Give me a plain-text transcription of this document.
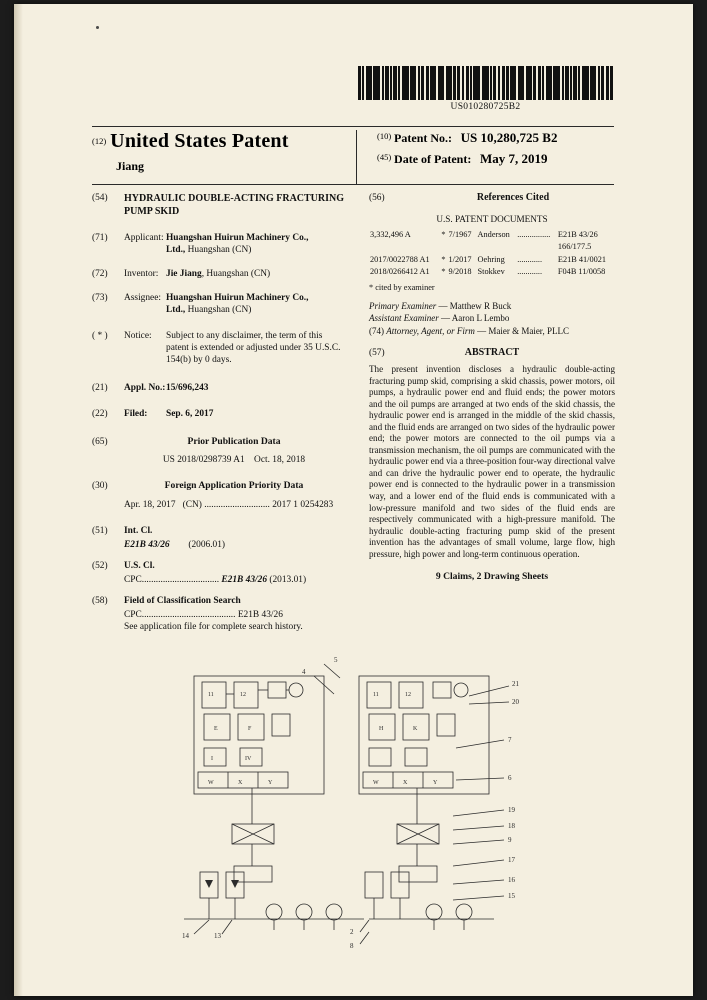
US010280725B2
$^{(12)}$ United States Patent
Jiang
$^{(10)}$ Patent No.: US 10,280,725 B2
$^{(45)}$ Date of Patent: May 7, 2019
(54)	HYDRAULIC DOUBLE-ACTING FRACTURING PUMP SKID
(71)	Applicant: Huangshan Huirun Machinery Co.,
Ltd., Huangshan (CN)
(72)	Inventor: Jie Jiang, Huangshan (CN)
(73)	Assignee: Huangshan Huirun Machinery Co.,
Ltd., Huangshan (CN)
( * )	Notice:	Subject to any disclaimer, the term of this patent is extended or adjusted under 35 U.S.C. 154(b) by 0 days.
(21)	Appl. No.: 15/696,243
(22)	Filed:	Sep. 6, 2017
(65)	Prior Publication Data
US 2018/0298739 A1 Oct. 18, 2018
(30)	Foreign Application Priority Data
Apr. 18, 2017 (CN) ............................ 2017 1 0254283
(51)	Int. Cl.
E21B 43/26 (2006.01)
(52)	U.S. Cl.
CPC................................. E21B 43/26 (2013.01)
(58)	Field of Classification Search
CPC........................................ E21B 43/26
See application file for complete search history.
(56)	References Cited
U.S. PATENT DOCUMENTS
3,332,496 A	*	7/1967	Anderson	................	E21B 43/26
					166/177.5
2017/0022788 A1	*	1/2017	Oehring	............	E21B 41/0021
2018/0266412 A1	*	9/2018	Stokkev	............	F04B 11/0058
* cited by examiner
Primary Examiner — Matthew R Buck
Assistant Examiner — Aaron L Lembo
(74) Attorney, Agent, or Firm — Maier & Maier, PLLC
(57)	ABSTRACT
The present invention discloses a hydraulic double-acting fracturing pump skid, comprising a skid chassis, power motors, oil pumps, a hydraulic power end and fluid ends; the power motors and the oil pumps are arranged at two ends of the skid chassis, the hydraulic power end is arranged in the middle of the skid chassis, and the fluid ends are arranged on two sides of the hydraulic power end; the power motors are connected to the oil pumps via a transmission mechanism, the oil pumps are communicated with the hydraulic power end via a three-position four-way directional valve and can drive the hydraulic power end to operate, the hydraulic power end is connected to the hydraulic power in a transmission way, and a lower end of the fluid ends is communicated with a low-pressure manifold and two sides of the fluid ends are respectively communicated with a high-pressure manifold. The hydraulic double-acting fracturing pump skid of the present invention has the advantages of small volume, large flow, high pressure, high power and long-term continuous operation.
9 Claims, 2 Drawing Sheets
11	12
E	F
I	IV
W	X	Y
11	12
H	K
W	X	Y
5
4
21
20
7
6
19
18
9
17
16
15
14	13	2
8
